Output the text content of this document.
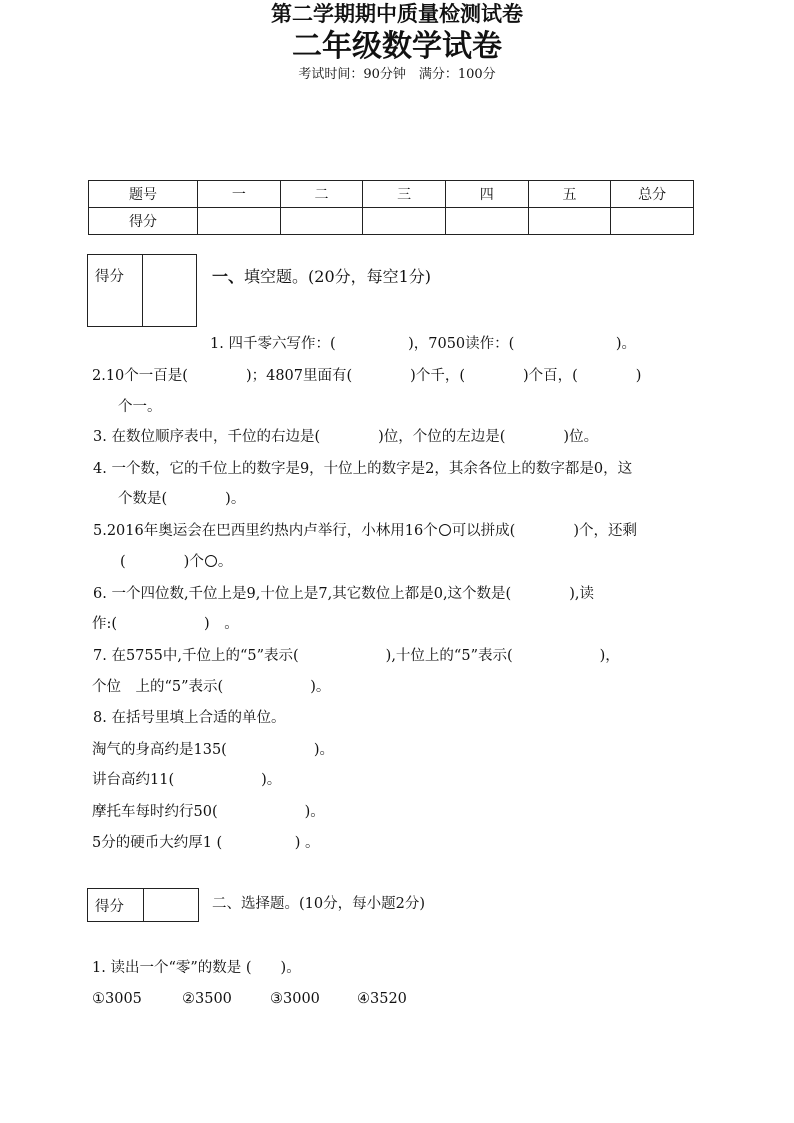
第二学期期中质量检测试卷
二年级数学试卷
考试时间：90分钟　满分：100分
题号	一	二	三	四	五	总分
得分						
得分		一、填空题。(20分，每空1分)
1. 四千零六写作：(　　　　　)，7050读作：(　　　　　　　)。
2.10个一百是(　　　　)；4807里面有(　　　　)个千，(　　　　)个百，(　　　　)
个一。
3. 在数位顺序表中，千位的右边是(　　　　)位，个位的左边是(　　　　)位。
4. 一个数，它的千位上的数字是9，十位上的数字是2，其余各位上的数字都是0，这
个数是(　　　　)。
5.2016年奥运会在巴西里约热内卢举行，小林用16个 可以拼成(　　　　)个，还剩
(　　　　)个 。
6. 一个四位数,千位上是9,十位上是7,其它数位上都是0,这个数是(　　　　),读
作:(　　　　　　)　。
7. 在5755中,千位上的“5”表示(　　　　　　),十位上的“5”表示(　　　　　　)，
个位　上的“5”表示(　　　　　　)。
8. 在括号里填上合适的单位。
淘气的身高约是135(　　　　　　)。
讲台高约11(　　　　　　)。
摩托车每时约行50(　　　　　　)。
5分的硬币大约厚1 (　　　　　) 。
得分		二、选择题。(10分，每小题2分)
1. 读出一个“零”的数是 (　　)。
①3005	②3500	③3000	④3520
